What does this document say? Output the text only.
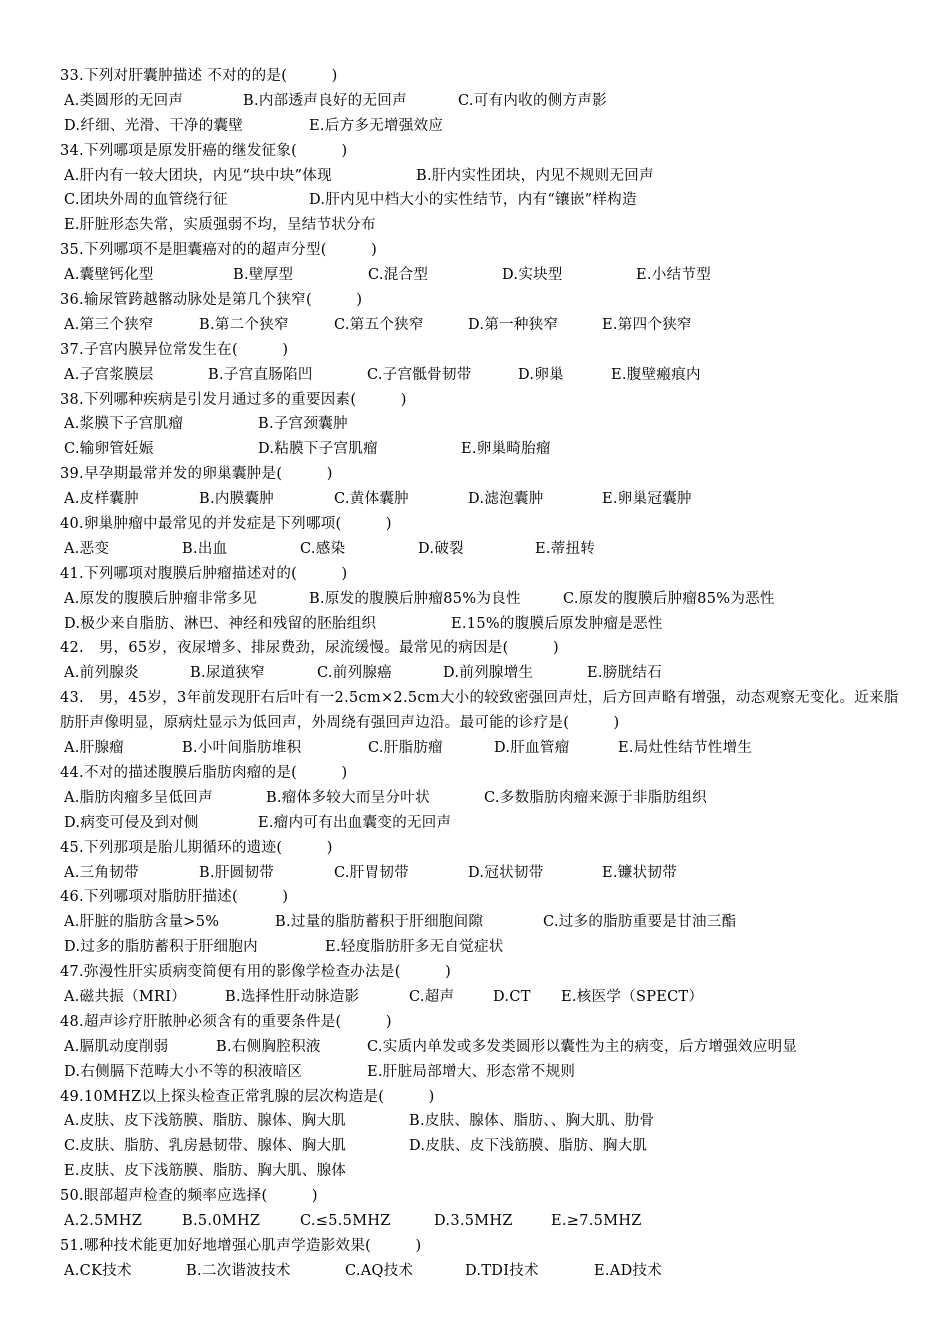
33.下列对肝囊肿描述 不对的的是(　　　)
A.类圆形的无回声	B.内部透声良好的无回声	C.可有内收的侧方声影
D.纤细、光滑、干净的囊壁	E.后方多无增强效应
34.下列哪项是原发肝癌的继发征象(　　　)
A.肝内有一较大团块，内见“块中块”体现	B.肝内实性团块，内见不规则无回声
C.团块外周的血管绕行征	D.肝内见中档大小的实性结节，内有“镶嵌”样构造
E.肝脏形态失常，实质强弱不均，呈结节状分布
35.下列哪项不是胆囊癌对的的超声分型(　　　)
A.囊壁钙化型	B.壁厚型	C.混合型	D.实块型	E.小结节型
36.输尿管跨越髂动脉处是第几个狭窄(　　　)
A.第三个狭窄	B.第二个狭窄	C.第五个狭窄	D.第一种狭窄	E.第四个狭窄
37.子宫内膜异位常发生在(　　　)
A.子宫浆膜层	B.子宫直肠陷凹	C.子宫骶骨韧带	D.卵巢	E.腹壁瘢痕内
38.下列哪种疾病是引发月通过多的重要因素(　　　)
A.浆膜下子宫肌瘤	B.子宫颈囊肿
C.输卵管妊娠	D.粘膜下子宫肌瘤	E.卵巢畸胎瘤
39.早孕期最常并发的卵巢囊肿是(　　　)
A.皮样囊肿	B.内膜囊肿	C.黄体囊肿	D.滤泡囊肿	E.卵巢冠囊肿
40.卵巢肿瘤中最常见的并发症是下列哪项(　　　)
A.恶变	B.出血	C.感染	D.破裂	E.蒂扭转
41.下列哪项对腹膜后肿瘤描述对的(　　　)
A.原发的腹膜后肿瘤非常多见	B.原发的腹膜后肿瘤85%为良性	C.原发的腹膜后肿瘤85%为恶性
D.极少来自脂肪、淋巴、神经和残留的胚胎组织	E.15%的腹膜后原发肿瘤是恶性
42.　男，65岁，夜尿增多、排尿费劲，尿流缓慢。最常见的病因是(　　　)
A.前列腺炎	B.尿道狭窄	C.前列腺癌	D.前列腺增生	E.膀胱结石
43.　男，45岁，3年前发现肝右后叶有一2.5cm×2.5cm大小的较致密强回声灶，后方回声略有增强，动态观察无变化。近来脂肪肝声像明显，原病灶显示为低回声，外周绕有强回声边沿。最可能的诊疗是(　　　)
A.肝腺瘤	B.小叶间脂肪堆积	C.肝脂肪瘤	D.肝血管瘤	E.局灶性结节性增生
44.不对的描述腹膜后脂肪肉瘤的是(　　　)
A.脂肪肉瘤多呈低回声	B.瘤体多较大而呈分叶状	C.多数脂肪肉瘤来源于非脂肪组织
D.病变可侵及到对侧	E.瘤内可有出血囊变的无回声
45.下列那项是胎儿期循环的遗迹(　　　)
A.三角韧带	B.肝圆韧带	C.肝胃韧带	D.冠状韧带	E.镰状韧带
46.下列哪项对脂肪肝描述(　　　)
A.肝脏的脂肪含量>5%	B.过量的脂肪蓄积于肝细胞间隙	C.过多的脂肪重要是甘油三酯
D.过多的脂肪蓄积于肝细胞内	E.轻度脂肪肝多无自觉症状
47.弥漫性肝实质病变简便有用的影像学检查办法是(　　　)
A.磁共振（MRI）	B.选择性肝动脉造影	C.超声	D.CT E.核医学（SPECT）
48.超声诊疗肝脓肿必须含有的重要条件是(　　　)
A.膈肌动度削弱	B.右侧胸腔积液	C.实质内单发或多发类圆形以囊性为主的病变，后方增强效应明显
D.右侧膈下范畴大小不等的积液暗区	E.肝脏局部增大、形态常不规则
49.10MHZ以上探头检查正常乳腺的层次构造是(　　　)
A.皮肤、皮下浅筋膜、脂肪、腺体、胸大肌	B.皮肤、腺体、脂肪、、胸大肌、肋骨
C.皮肤、脂肪、乳房悬韧带、腺体、胸大肌	D.皮肤、皮下浅筋膜、脂肪、胸大肌
E.皮肤、皮下浅筋膜、脂肪、胸大肌、腺体
50.眼部超声检查的频率应选择(　　　)
A.2.5MHZ	B.5.0MHZ	C.≤5.5MHZ	D.3.5MHZ	E.≥7.5MHZ
51.哪种技术能更加好地增强心肌声学造影效果(　　　)
A.CK技术	B.二次谐波技术	C.AQ技术	D.TDI技术	E.AD技术
